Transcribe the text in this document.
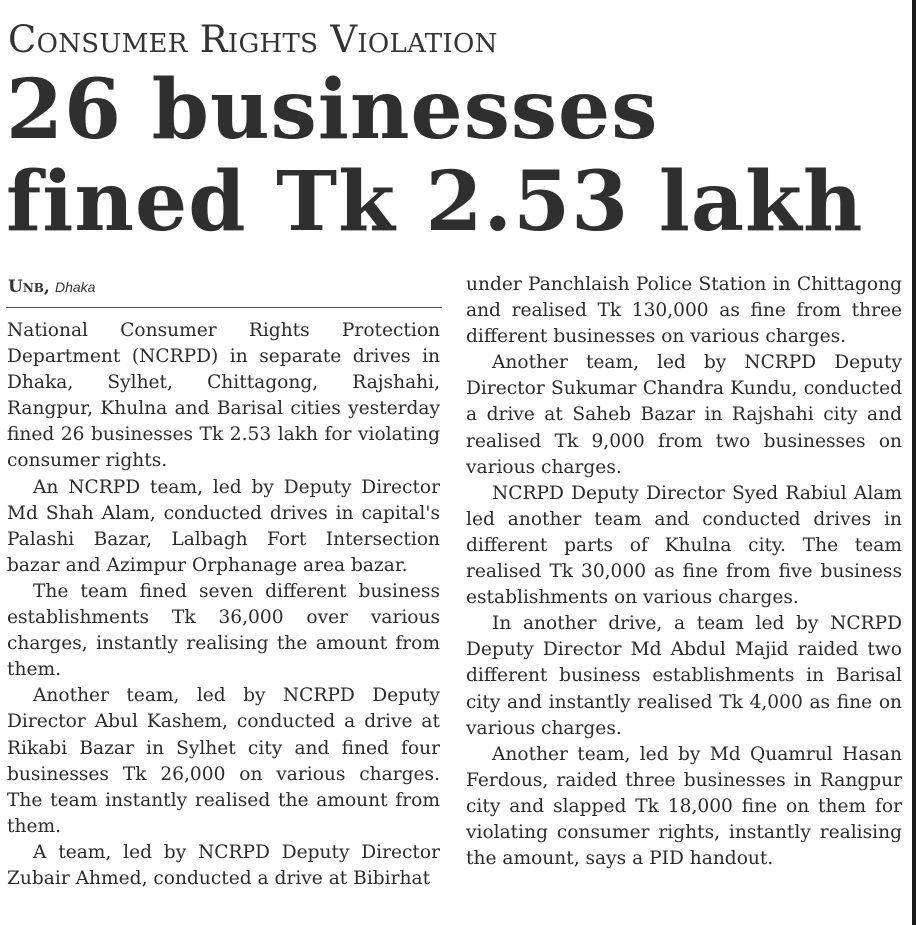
Consumer Rights Violation
26 businesses fined Tk 2.53 lakh
Unb, Dhaka

National Consumer Rights Protection Department (NCRPD) in separate drives in Dhaka, Sylhet, Chittagong, Rajshahi, Rangpur, Khulna and Barisal cities yesterday fined 26 businesses Tk 2.53 lakh for violating consumer rights.

An NCRPD team, led by Deputy Director Md Shah Alam, conducted drives in capital's Palashi Bazar, Lalbagh Fort Intersection bazar and Azimpur Orphanage area bazar.

The team fined seven different business establishments Tk 36,000 over various charges, instantly realising the amount from them.

Another team, led by NCRPD Deputy Director Abul Kashem, conducted a drive at Rikabi Bazar in Sylhet city and fined four businesses Tk 26,000 on various charges. The team instantly realised the amount from them.

A team, led by NCRPD Deputy Director Zubair Ahmed, conducted a drive at Bibirhat

under Panchlaish Police Station in Chittagong and realised Tk 130,000 as fine from three different businesses on various charges.

Another team, led by NCRPD Deputy Director Sukumar Chandra Kundu, conducted a drive at Saheb Bazar in Rajshahi city and realised Tk 9,000 from two businesses on various charges.

NCRPD Deputy Director Syed Rabiul Alam led another team and conducted drives in different parts of Khulna city. The team realised Tk 30,000 as fine from five business establishments on various charges.

In another drive, a team led by NCRPD Deputy Director Md Abdul Majid raided two different business establishments in Barisal city and instantly realised Tk 4,000 as fine on various charges.

Another team, led by Md Quamrul Hasan Ferdous, raided three businesses in Rangpur city and slapped Tk 18,000 fine on them for violating consumer rights, instantly realising the amount, says a PID handout.
